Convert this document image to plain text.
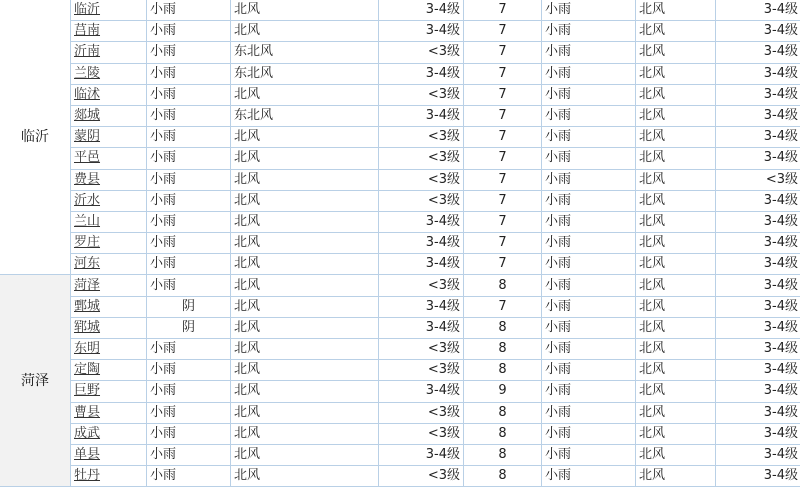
临沂	临沂	小雨	北风	3-4级	7	小雨	北风	3-4级	
	莒南	小雨	北风	3-4级	7	小雨	北风	3-4级	
	沂南	小雨	东北风	<3级	7	小雨	北风	3-4级	
	兰陵	小雨	东北风	3-4级	7	小雨	北风	3-4级	
	临沭	小雨	北风	<3级	7	小雨	北风	3-4级	
	郯城	小雨	东北风	3-4级	7	小雨	北风	3-4级	
	蒙阴	小雨	北风	<3级	7	小雨	北风	3-4级	
	平邑	小雨	北风	<3级	7	小雨	北风	3-4级	
	费县	小雨	北风	<3级	7	小雨	北风	<3级	
	沂水	小雨	北风	<3级	7	小雨	北风	3-4级	
	兰山	小雨	北风	3-4级	7	小雨	北风	3-4级	
	罗庄	小雨	北风	3-4级	7	小雨	北风	3-4级	
	河东	小雨	北风	3-4级	7	小雨	北风	3-4级	
菏泽	菏泽	小雨	北风	<3级	8	小雨	北风	3-4级	
	鄄城	阴	北风	3-4级	7	小雨	北风	3-4级	
	郓城	阴	北风	3-4级	8	小雨	北风	3-4级	
	东明	小雨	北风	<3级	8	小雨	北风	3-4级	
	定陶	小雨	北风	<3级	8	小雨	北风	3-4级	
	巨野	小雨	北风	3-4级	9	小雨	北风	3-4级	
	曹县	小雨	北风	<3级	8	小雨	北风	3-4级	
	成武	小雨	北风	<3级	8	小雨	北风	3-4级	
	单县	小雨	北风	3-4级	8	小雨	北风	3-4级	
	牡丹	小雨	北风	<3级	8	小雨	北风	3-4级	
